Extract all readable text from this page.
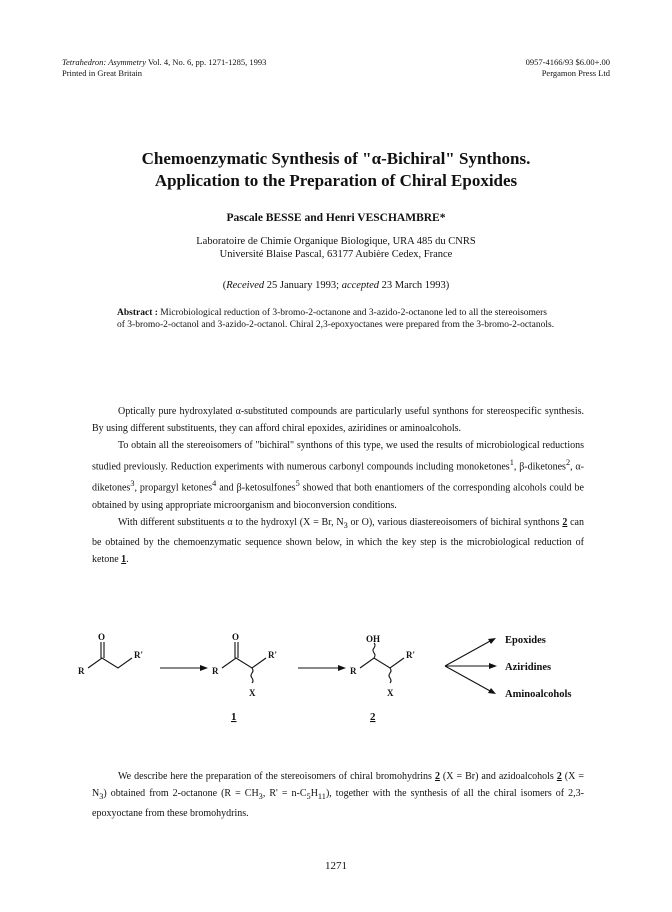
Tetrahedron: Asymmetry Vol. 4, No. 6, pp. 1271-1285, 1993
Printed in Great Britain
0957-4166/93 $6.00+.00
Pergamon Press Ltd
Chemoenzymatic Synthesis of "α-Bichiral" Synthons.
Application to the Preparation of Chiral Epoxides
Pascale BESSE and Henri VESCHAMBRE*
Laboratoire de Chimie Organique Biologique, URA 485 du CNRS
Université Blaise Pascal, 63177 Aubière Cedex, France
(Received 25 January 1993; accepted 23 March 1993)
Abstract : Microbiological reduction of 3-bromo-2-octanone and 3-azido-2-octanone led to all the stereoisomers of 3-bromo-2-octanol and 3-azido-2-octanol. Chiral 2,3-epoxyoctanes were prepared from the 3-bromo-2-octanols.

Optically pure hydroxylated α-substituted compounds are particularly useful synthons for stereospecific synthesis. By using different substituents, they can afford chiral epoxides, aziridines or aminoalcohols.

To obtain all the stereoisomers of "bichiral" synthons of this type, we used the results of microbiological reductions studied previously. Reduction experiments with numerous carbonyl compounds including monoketones$^1$, β-diketones$^2$, α-diketones$^3$, propargyl ketones$^4$ and β-ketosulfones$^5$ showed that both enantiomers of the corresponding alcohols could be obtained by using appropriate microorganism and bioconversion conditions.

With different substituents α to the hydroxyl (X = Br, $N_3$ or O), various diastereoisomers of bichiral synthons 2 can be obtained by the chemoenzymatic sequence shown below, in which the key step is the microbiological reduction of ketone 1.

O
R
R'
O
R
R'
X
OH
R
R'
X
1	2
Epoxides
Aziridines
Aminoalcohols

We describe here the preparation of the stereoisomers of chiral bromohydrins 2 (X = Br) and azidoalcohols 2 $(X = N_3)$ obtained from 2-octanone ($R = CH_3$, $R' = n-C_5H_{11}$), together with the synthesis of all the chiral isomers of 2,3-epoxyoctane from these bromohydrins.

1271
